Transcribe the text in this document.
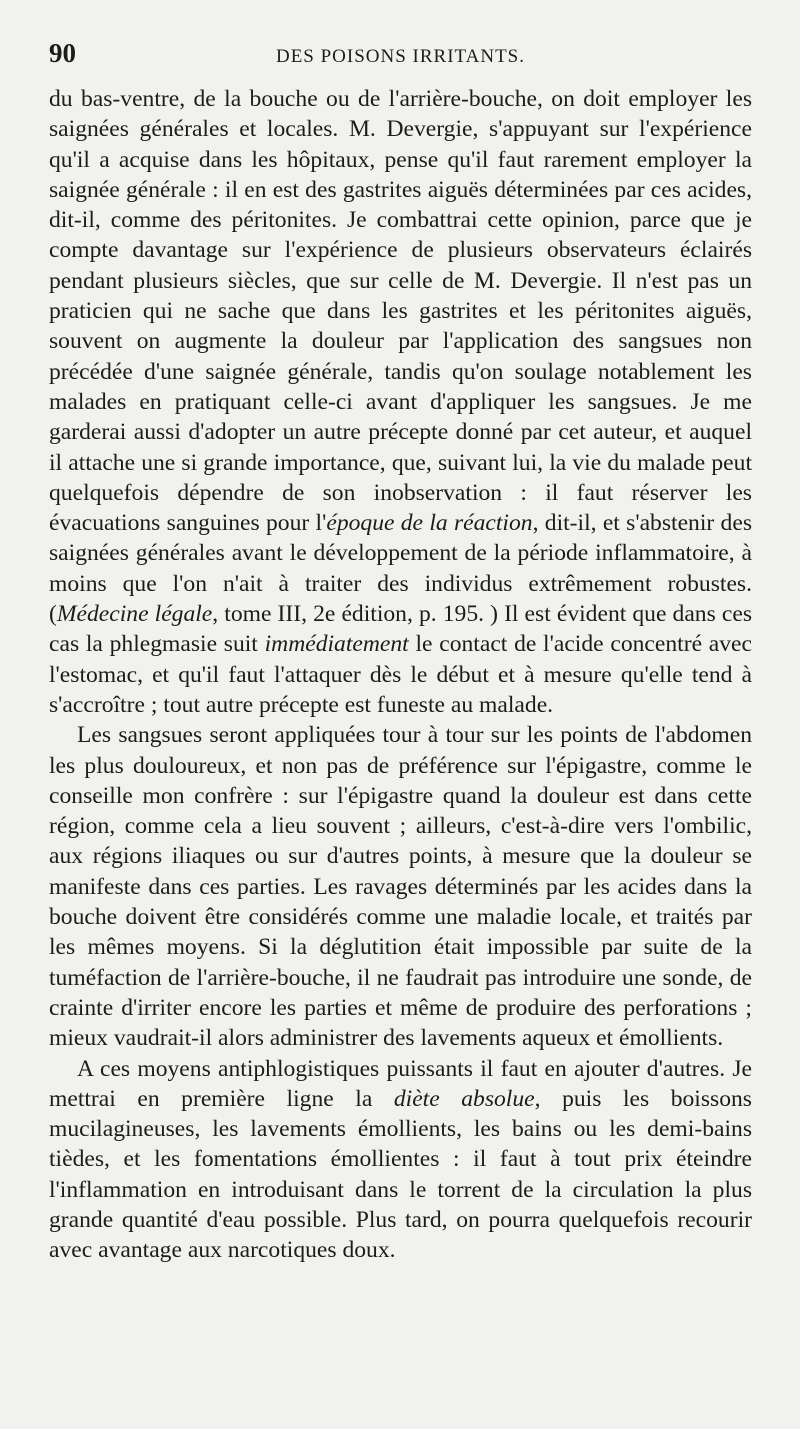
90	DES POISONS IRRITANTS.

du bas-ventre, de la bouche ou de l'arrière-bouche, on doit employer les saignées générales et locales. M. Devergie, s'appuyant sur l'expérience qu'il a acquise dans les hôpitaux, pense qu'il faut rarement employer la saignée générale : il en est des gastrites aiguës déterminées par ces acides, dit-il, comme des péritonites. Je combattrai cette opinion, parce que je compte davantage sur l'expérience de plusieurs observateurs éclairés pendant plusieurs siècles, que sur celle de M. Devergie. Il n'est pas un praticien qui ne sache que dans les gastrites et les péritonites aiguës, souvent on augmente la douleur par l'application des sangsues non précédée d'une saignée générale, tandis qu'on soulage notablement les malades en pratiquant celle-ci avant d'appliquer les sangsues. Je me garderai aussi d'adopter un autre précepte donné par cet auteur, et auquel il attache une si grande importance, que, suivant lui, la vie du malade peut quelquefois dépendre de son inobservation : il faut réserver les évacuations sanguines pour l'époque de la réaction, dit-il, et s'abstenir des saignées générales avant le développement de la période inflammatoire, à moins que l'on n'ait à traiter des individus extrêmement robustes. (Médecine légale, tome III, 2e édition, p. 195. ) Il est évident que dans ces cas la phlegmasie suit immédiatement le contact de l'acide concentré avec l'estomac, et qu'il faut l'attaquer dès le début et à mesure qu'elle tend à s'accroître ; tout autre précepte est funeste au malade.

Les sangsues seront appliquées tour à tour sur les points de l'abdomen les plus douloureux, et non pas de préférence sur l'épigastre, comme le conseille mon confrère : sur l'épigastre quand la douleur est dans cette région, comme cela a lieu souvent ; ailleurs, c'est-à-dire vers l'ombilic, aux régions iliaques ou sur d'autres points, à mesure que la douleur se manifeste dans ces parties. Les ravages déterminés par les acides dans la bouche doivent être considérés comme une maladie locale, et traités par les mêmes moyens. Si la déglutition était impossible par suite de la tuméfaction de l'arrière-bouche, il ne faudrait pas introduire une sonde, de crainte d'irriter encore les parties et même de produire des perforations ; mieux vaudrait-il alors administrer des lavements aqueux et émollients.

A ces moyens antiphlogistiques puissants il faut en ajouter d'autres. Je mettrai en première ligne la diète absolue, puis les boissons mucilagineuses, les lavements émollients, les bains ou les demi-bains tièdes, et les fomentations émollientes : il faut à tout prix éteindre l'inflammation en introduisant dans le torrent de la circulation la plus grande quantité d'eau possible. Plus tard, on pourra quelquefois recourir avec avantage aux narcotiques doux.
